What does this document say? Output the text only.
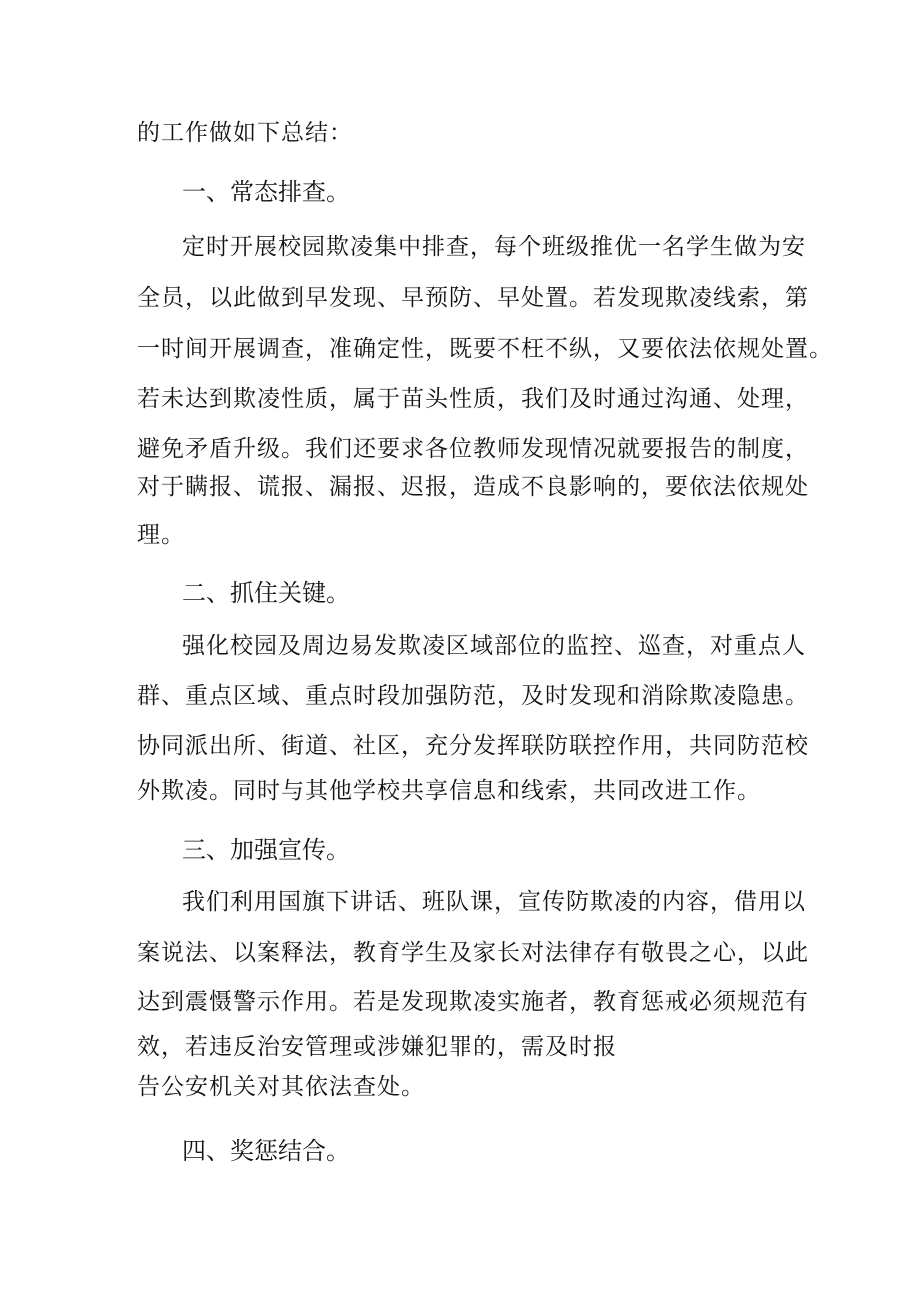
的工作做如下总结：
一、常态排查。
定时开展校园欺凌集中排查，每个班级推优一名学生做为安
全员，以此做到早发现、早预防、早处置。若发现欺凌线索，第
一时间开展调查，准确定性，既要不枉不纵，又要依法依规处置。
若未达到欺凌性质，属于苗头性质，我们及时通过沟通、处理，
避免矛盾升级。我们还要求各位教师发现情况就要报告的制度，
对于瞒报、谎报、漏报、迟报，造成不良影响的，要依法依规处
理。
二、抓住关键。
强化校园及周边易发欺凌区域部位的监控、巡查，对重点人
群、重点区域、重点时段加强防范，及时发现和消除欺凌隐患。
协同派出所、街道、社区，充分发挥联防联控作用，共同防范校
外欺凌。同时与其他学校共享信息和线索，共同改进工作。
三、加强宣传。
我们利用国旗下讲话、班队课，宣传防欺凌的内容，借用以
案说法、以案释法，教育学生及家长对法律存有敬畏之心，以此
达到震慑警示作用。若是发现欺凌实施者，教育惩戒必须规范有
效，若违反治安管理或涉嫌犯罪的，需及时报
告公安机关对其依法查处。
四、奖惩结合。
